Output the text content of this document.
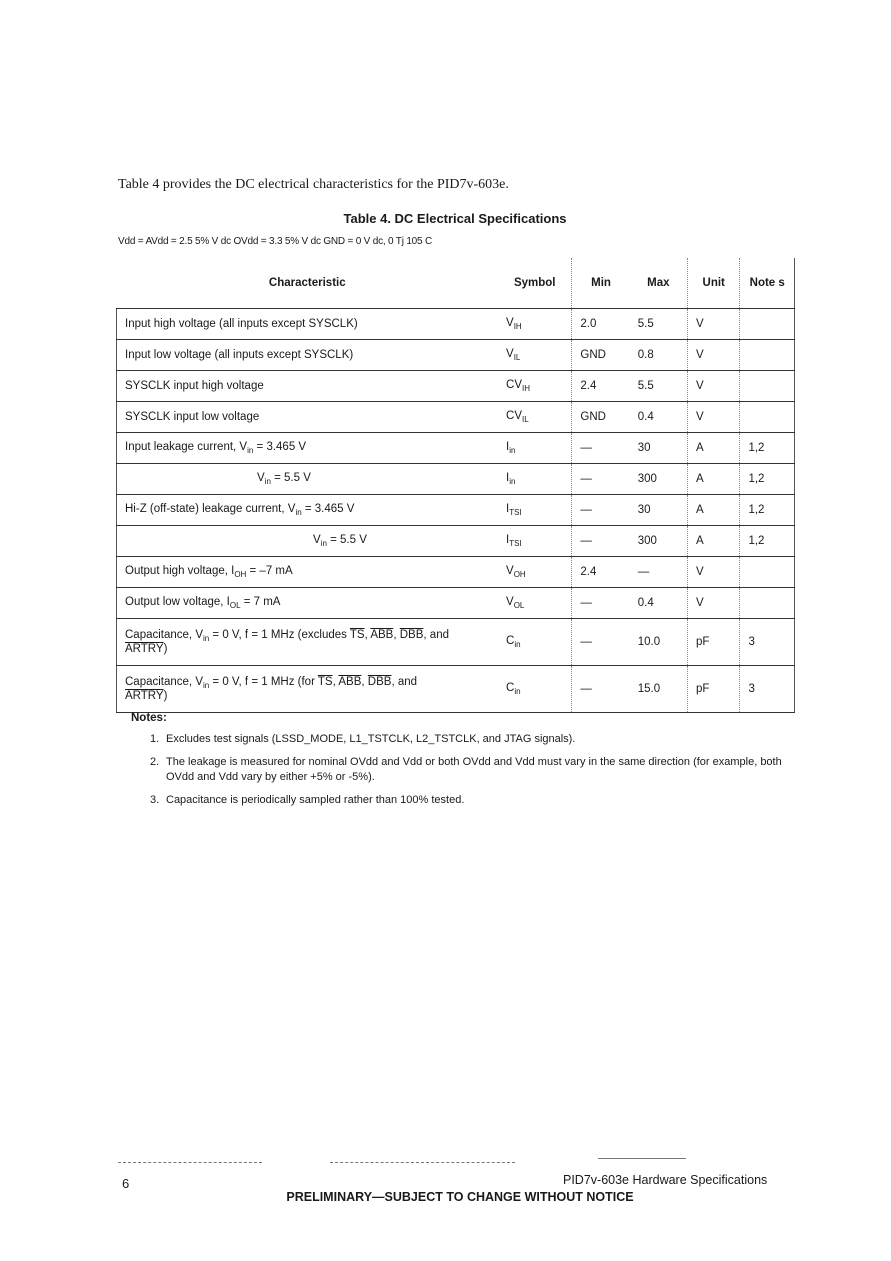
Table 4 provides the DC electrical characteristics for the PID7v-603e.
Table 4. DC Electrical Specifications
Vdd = AVdd = 2.5 5% V dc OVdd = 3.3 5% V dc GND = 0 V dc, 0 Tj 105 C
Characteristic	Symbol	Min	Max	Unit	Note s
Input high voltage (all inputs except SYSCLK)	$V_{IH}$	2.0	5.5	V	
Input low voltage (all inputs except SYSCLK)	$V_{IL}$	GND	0.8	V	
SYSCLK input high voltage	$CV_{IH}$	2.4	5.5	V	
SYSCLK input low voltage	$CV_{IL}$	GND	0.4	V	
Input leakage current, $V_{in} = 3.465$ V	$I_{in}$	—	30	A	1,2
$V_{in} = 5.5$ V	$I_{in}$	—	300	A	1,2
Hi-Z (off-state) leakage current, $V_{in} = 3.465$ V	$I_{TSI}$	—	30	A	1,2
$V_{in} = 5.5$ V	$I_{TSI}$	—	300	A	1,2
Output high voltage, $I_{OH} = -7$ mA	$V_{OH}$	2.4	—	V	
Output low voltage, $I_{OL} = 7$ mA	$V_{OL}$	—	0.4	V	
Capacitance, $V_{in} = 0$ V, f = 1 MHz (excludes $\overline{TS}$, $\overline{ABB}$, $\overline{DBB}$, and
ARTRY)	$C_{in}$	—	10.0	pF	3
Capacitance, $V_{in} = 0$ V, f = 1 MHz (for $\overline{TS}$, $\overline{ABB}$, $\overline{DBB}$, and
ARTRY)	$C_{in}$	—	15.0	pF	3
Notes:
1. Excludes test signals (LSSD_MODE, L1_TSTCLK, L2_TSTCLK, and JTAG signals).
2. The leakage is measured for nominal OVdd and Vdd or both OVdd and Vdd must vary in the same direction (for example, both OVdd and Vdd vary by either +5% or -5%).
3. Capacitance is periodically sampled rather than 100% tested.
6	PID7v-603e Hardware Specifications
PRELIMINARY—SUBJECT TO CHANGE WITHOUT NOTICE
